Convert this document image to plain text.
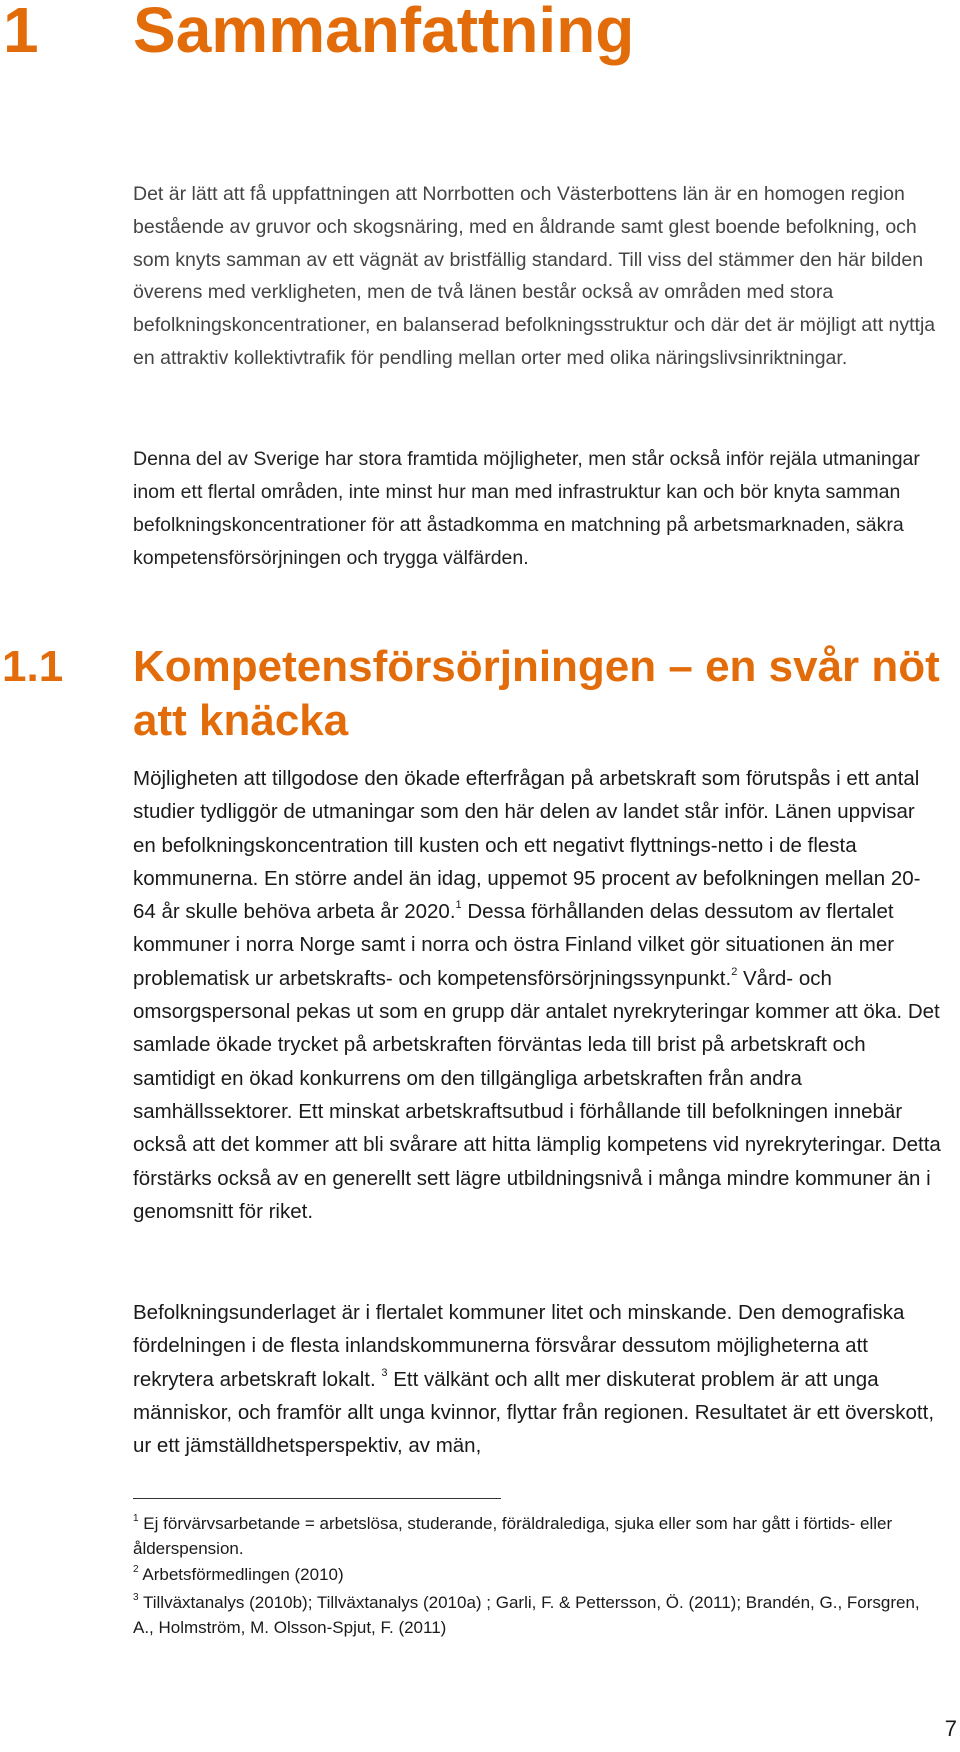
1 Sammanfattning

Det är lätt att få uppfattningen att Norrbotten och Västerbottens län är en homogen region bestående av gruvor och skogsnäring, med en åldrande samt glest boende befolkning, och som knyts samman av ett vägnät av bristfällig standard. Till viss del stämmer den här bilden överens med verkligheten, men de två länen består också av områden med stora befolkningskoncentrationer, en balanserad befolkningsstruktur och där det är möjligt att nyttja en attraktiv kollektivtrafik för pendling mellan orter med olika näringslivsinriktningar.

Denna del av Sverige har stora framtida möjligheter, men står också inför rejäla utmaningar inom ett flertal områden, inte minst hur man med infrastruktur kan och bör knyta samman befolkningskoncentrationer för att åstadkomma en matchning på arbetsmarknaden, säkra kompetensförsörjningen och trygga välfärden.

1.1 Kompetensförsörjningen – en svår nöt att knäcka

Möjligheten att tillgodose den ökade efterfrågan på arbetskraft som förutspås i ett antal studier tydliggör de utmaningar som den här delen av landet står inför. Länen uppvisar en befolkningskoncentration till kusten och ett negativt flyttnings-netto i de flesta kommunerna. En större andel än idag, uppemot 95 procent av befolkningen mellan 20-64 år skulle behöva arbeta år 2020.$^1$ Dessa förhållanden delas dessutom av flertalet kommuner i norra Norge samt i norra och östra Finland vilket gör situationen än mer problematisk ur arbetskrafts- och kompetensförsörjningssynpunkt.$^2$ Vård- och omsorgspersonal pekas ut som en grupp där antalet nyrekryteringar kommer att öka. Det samlade ökade trycket på arbetskraften förväntas leda till brist på arbetskraft och samtidigt en ökad konkurrens om den tillgängliga arbetskraften från andra samhällssektorer. Ett minskat arbetskraftsutbud i förhållande till befolkningen innebär också att det kommer att bli svårare att hitta lämplig kompetens vid nyrekryteringar. Detta förstärks också av en generellt sett lägre utbildningsnivå i många mindre kommuner än i genomsnitt för riket.

Befolkningsunderlaget är i flertalet kommuner litet och minskande. Den demografiska fördelningen i de flesta inlandskommunerna försvårar dessutom möjligheterna att rekrytera arbetskraft lokalt. $^3$ Ett välkänt och allt mer diskuterat problem är att unga människor, och framför allt unga kvinnor, flyttar från regionen. Resultatet är ett överskott, ur ett jämställdhetsperspektiv, av män,

$^1$ Ej förvärvsarbetande = arbetslösa, studerande, föräldralediga, sjuka eller som har gått i förtids- eller ålderspension.

$^2$ Arbetsförmedlingen (2010)

$^3$ Tillväxtanalys (2010b); Tillväxtanalys (2010a) ; Garli, F. & Pettersson, Ö. (2011); Brandén, G., Forsgren, A., Holmström, M. Olsson-Spjut, F. (2011)

7
